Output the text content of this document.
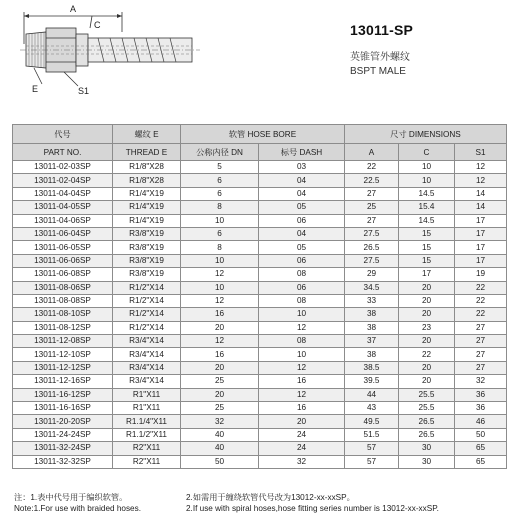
A
C
E	S1
13011-SP
英锥管外螺纹
BSPT MALE
代号	螺纹 E	软管 HOSE BORE		尺寸 DIMENSIONS		
PART NO.	THREAD E	公称内径 DN	标号 DASH	A	C	S1
13011-02-03SP	R1/8"X28	5	03	22	10	12
13011-02-04SP	R1/8"X28	6	04	22.5	10	12
13011-04-04SP	R1/4"X19	6	04	27	14.5	14
13011-04-05SP	R1/4"X19	8	05	25	15.4	14
13011-04-06SP	R1/4"X19	10	06	27	14.5	17
13011-06-04SP	R3/8"X19	6	04	27.5	15	17
13011-06-05SP	R3/8"X19	8	05	26.5	15	17
13011-06-06SP	R3/8"X19	10	06	27.5	15	17
13011-06-08SP	R3/8"X19	12	08	29	17	19
13011-08-06SP	R1/2"X14	10	06	34.5	20	22
13011-08-08SP	R1/2"X14	12	08	33	20	22
13011-08-10SP	R1/2"X14	16	10	38	20	22
13011-08-12SP	R1/2"X14	20	12	38	23	27
13011-12-08SP	R3/4"X14	12	08	37	20	27
13011-12-10SP	R3/4"X14	16	10	38	22	27
13011-12-12SP	R3/4"X14	20	12	38.5	20	27
13011-12-16SP	R3/4"X14	25	16	39.5	20	32
13011-16-12SP	R1"X11	20	12	44	25.5	36
13011-16-16SP	R1"X11	25	16	43	25.5	36
13011-20-20SP	R1.1/4"X11	32	20	49.5	26.5	46
13011-24-24SP	R1.1/2"X11	40	24	51.5	26.5	50
13011-32-24SP	R2"X11	40	24	57	30	65
13011-32-32SP	R2"X11	50	32	57	30	65
注：1.表中代号用于编织软管。	2.如需用于缠绕软管代号改为13012-xx-xxSP。
Note:1.For use with braided hoses.	2.If use with spiral hoses,hose fitting series number is 13012-xx-xxSP.
